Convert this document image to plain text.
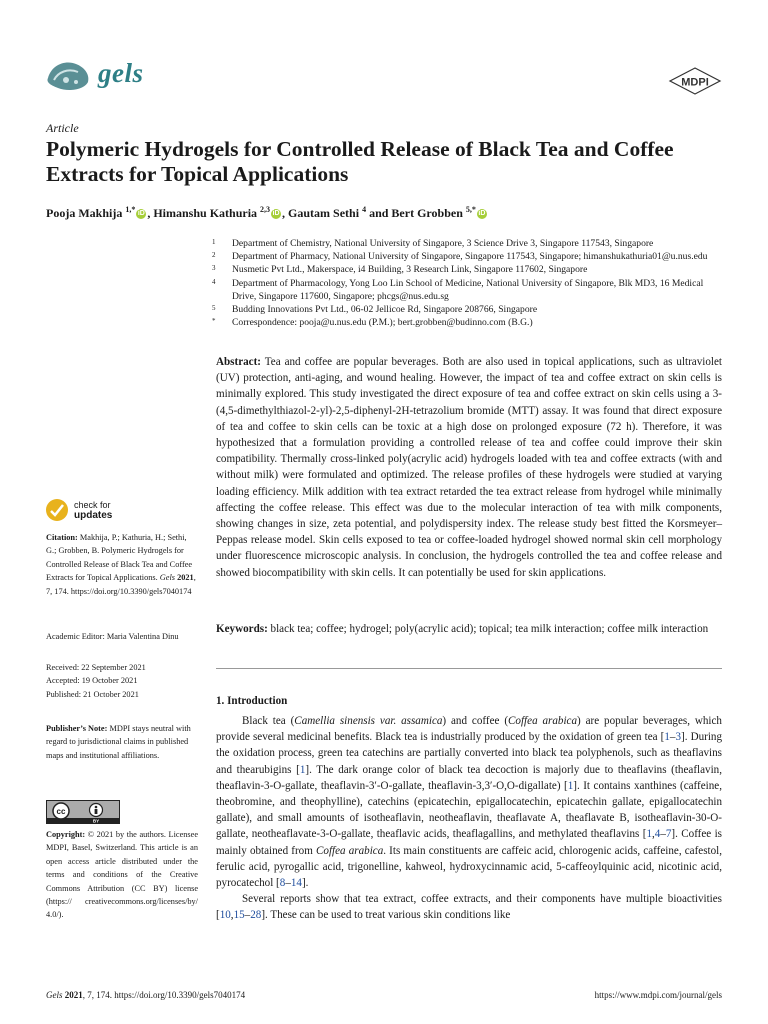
gels	MDPI
Article
Polymeric Hydrogels for Controlled Release of Black Tea and Coffee Extracts for Topical Applications
Pooja Makhija $^{1,*}$ iD , Himanshu Kathuria $^{2,3}$ iD , Gautam Sethi $^4$ and Bert Grobben $^{5,*}$ iD
1	Department of Chemistry, National University of Singapore, 3 Science Drive 3, Singapore 117543, Singapore
2	Department of Pharmacy, National University of Singapore, Singapore 117543, Singapore; himanshukathuria01@u.nus.edu
3	Nusmetic Pvt Ltd., Makerspace, i4 Building, 3 Research Link, Singapore 117602, Singapore
4	Department of Pharmacology, Yong Loo Lin School of Medicine, National University of Singapore, Blk MD3, 16 Medical Drive, Singapore 117600, Singapore; phcgs@nus.edu.sg
5	Budding Innovations Pvt Ltd., 06-02 Jellicoe Rd, Singapore 208766, Singapore
*	Correspondence: pooja@u.nus.edu (P.M.); bert.grobben@budinno.com (B.G.)

Abstract: Tea and coffee are popular beverages. Both are also used in topical applications, such as ultraviolet (UV) protection, anti-aging, and wound healing. However, the impact of tea and coffee extract on skin cells is minimally explored. This study investigated the direct exposure of tea and coffee extract on skin cells using a 3-(4,5-dimethylthiazol-2-yl)-2,5-diphenyl-2H-tetrazolium bromide (MTT) assay. It was found that direct exposure of tea and coffee to skin cells can be toxic at a high dose on prolonged exposure (72 h). Therefore, it was hypothesized that a formulation providing a controlled release of tea and coffee could improve their skin compatibility. Thermally cross-linked poly(acrylic acid) hydrogels loaded with tea and coffee extracts (with and without milk) were formulated and optimized. The release profiles of these hydrogels were studied at varying loading efficiency. Milk addition with tea extract retarded the tea extract release from hydrogel while minimally affecting the coffee release. This effect was due to the molecular interaction of tea with milk components, showing changes in size, zeta potential, and polydispersity index. The release study best fitted the Korsmeyer–Peppas release model. Skin cells exposed to tea or coffee-loaded hydrogel showed normal skin cell morphology under fluorescence microscopic analysis. In conclusion, the hydrogels controlled the tea and coffee release and showed biocompatibility with skin cells. It can potentially be used for skin applications.

Keywords: black tea; coffee; hydrogel; poly(acrylic acid); topical; tea milk interaction; coffee milk interaction

1. Introduction

Black tea (Camellia sinensis var. assamica) and coffee (Coffea arabica) are popular beverages, which provide several medicinal benefits. Black tea is industrially produced by the oxidation of green tea [1–3]. During the oxidation process, green tea catechins are partially converted into black tea polyphenols, such as theaflavins and thearubigins [1]. The dark orange color of black tea decoction is majorly due to theaflavins (theaflavin, theaflavin-3-O-gallate, theaflavin-3′-O-gallate, theaflavin-3,3′-O,O-digallate) [1]. It contains xanthines (caffeine, theobromine, and theophylline), catechins (epicatechin, epigallocatechin, epicatechin gallate, epigallocatechin gallate), and small amounts of isotheaflavin, neotheaflavin, theaflavate A, theaflavate B, isotheaflavin-30-O-gallate, neotheaflavate-3-O-gallate, theaflavic acids, theaflagallins, and methylated theaflavins [1,4–7]. Coffee is mainly obtained from Coffea arabica. Its main constituents are caffeic acid, chlorogenic acids, caffeine, cafestol, ferulic acid, pyrogallic acid, trigonelline, kahweol, hydroxycinnamic acid, 5-caffeoylquinic acid, nicotinic acid, pyrocatechol [8–14].

Several reports show that tea extract, coffee extracts, and their components have multiple bioactivities [10,15–28]. These can be used to treat various skin conditions like

check for
updates
Citation: Makhija, P.; Kathuria, H.; Sethi, G.; Grobben, B. Polymeric Hydrogels for Controlled Release of Black Tea and Coffee Extracts for Topical Applications. Gels 2021, 7, 174. https://doi.org/10.3390/gels7040174
Academic Editor: Maria Valentina Dinu
Received: 22 September 2021
Accepted: 19 October 2021
Published: 21 October 2021
Publisher’s Note: MDPI stays neutral with regard to jurisdictional claims in published maps and institutional affiliations.
cc
BY
Copyright: © 2021 by the authors. Licensee MDPI, Basel, Switzerland. This article is an open access article distributed under the terms and conditions of the Creative Commons Attribution (CC BY) license (https:// creativecommons.org/licenses/by/ 4.0/).
Gels 2021, 7, 174. https://doi.org/10.3390/gels7040174	https://www.mdpi.com/journal/gels
